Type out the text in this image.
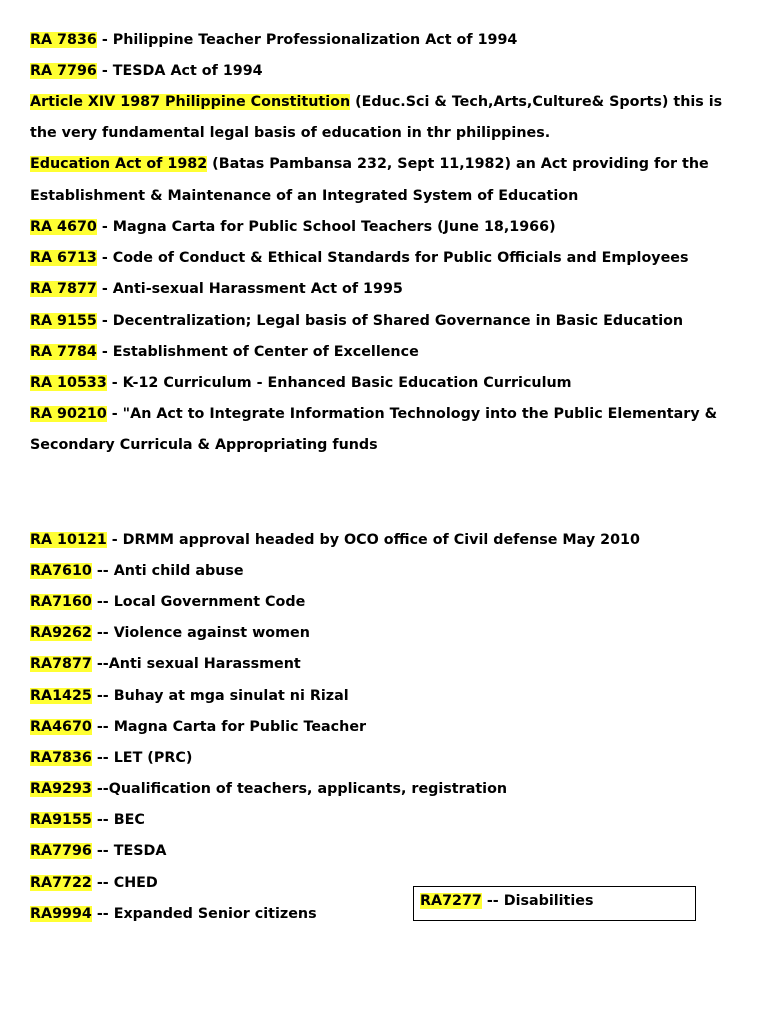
RA 7836 - Philippine Teacher Professionalization Act of 1994
RA 7796 - TESDA Act of 1994
Article XIV 1987 Philippine Constitution (Educ.Sci & Tech,Arts,Culture& Sports) this is
the very fundamental legal basis of education in thr philippines.
Education Act of 1982 (Batas Pambansa 232, Sept 11,1982) an Act providing for the
Establishment & Maintenance of an Integrated System of Education
RA 4670 - Magna Carta for Public School Teachers (June 18,1966)
RA 6713 - Code of Conduct & Ethical Standards for Public Officials and Employees
RA 7877 - Anti-sexual Harassment Act of 1995
RA 9155 - Decentralization; Legal basis of Shared Governance in Basic Education
RA 7784 - Establishment of Center of Excellence
RA 10533 - K-12 Curriculum - Enhanced Basic Education Curriculum
RA 90210 - "An Act to Integrate Information Technology into the Public Elementary &
Secondary Curricula & Appropriating funds
RA 10121 - DRMM approval headed by OCO office of Civil defense May 2010
RA7610 -- Anti child abuse
RA7160 -- Local Government Code
RA9262 -- Violence against women
RA7877 --Anti sexual Harassment
RA1425 -- Buhay at mga sinulat ni Rizal
RA4670 -- Magna Carta for Public Teacher
RA7836 -- LET (PRC)
RA9293 --Qualification of teachers, applicants, registration
RA9155 -- BEC
RA7796 -- TESDA
RA7722 -- CHED
RA9994 -- Expanded Senior citizens
RA7277 -- Disabilities
